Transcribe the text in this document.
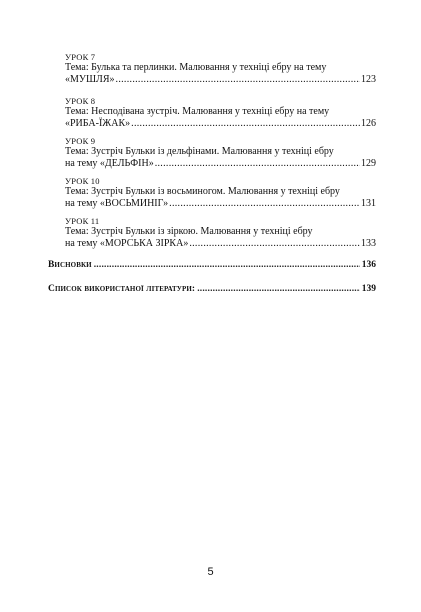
УРОК 7
Тема: Булька та перлинки. Малювання у техніці ебру на тему
«МУШЛЯ» .....	123
УРОК 8
Тема: Несподівана зустріч. Малювання у техніці ебру на тему
«РИБА-ЇЖАК» .....	126
УРОК 9
Тема: Зустріч Бульки із дельфінами. Малювання у техніці ебру
на тему «ДЕЛЬФІН» .....	129
УРОК 10
Тема: Зустріч Бульки із восьминогом. Малювання у техніці ебру
на тему «ВОСЬМИНІГ» .....	131
УРОК 11
Тема: Зустріч Бульки із зіркою. Малювання у техніці ебру
на тему «МОРСЬКА ЗІРКА» .....	133
Висновки .....	136
Список використаної літератури: .....	139
5
